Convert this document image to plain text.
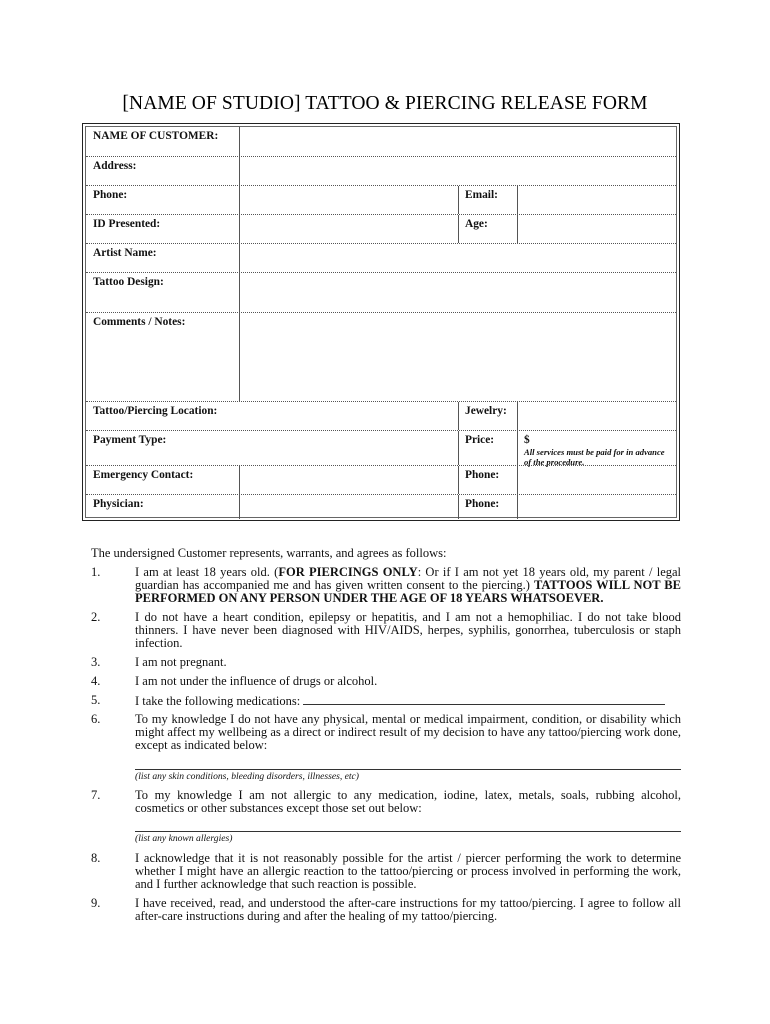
[NAME OF STUDIO] TATTOO & PIERCING RELEASE FORM
NAME OF CUSTOMER:
Address:
Phone:	Email:
ID Presented:	Age:
Artist Name:
Tattoo Design:
Comments / Notes:
Tattoo/Piercing Location:	Jewelry:
Payment Type:	Price:	$
All services must be paid for in advance of the procedure.
Emergency Contact:	Phone:
Physician:	Phone:
The undersigned Customer represents, warrants, and agrees as follows:
1.	I am at least 18 years old. (FOR PIERCINGS ONLY: Or if I am not yet 18 years old, my parent / legal guardian has accompanied me and has given written consent to the piercing.) TATTOOS WILL NOT BE PERFORMED ON ANY PERSON UNDER THE AGE OF 18 YEARS WHATSOEVER.
2.	I do not have a heart condition, epilepsy or hepatitis, and I am not a hemophiliac. I do not take blood thinners. I have never been diagnosed with HIV/AIDS, herpes, syphilis, gonorrhea, tuberculosis or staph infection.
3.	I am not pregnant.
4.	I am not under the influence of drugs or alcohol.
5.	I take the following medications:
6.	To my knowledge I do not have any physical, mental or medical impairment, condition, or disability which might affect my wellbeing as a direct or indirect result of my decision to have any tattoo/piercing work done, except as indicated below:
(list any skin conditions, bleeding disorders, illnesses, etc)
7.	To my knowledge I am not allergic to any medication, iodine, latex, metals, soals, rubbing alcohol, cosmetics or other substances except those set out below:
(list any known allergies)
8.	I acknowledge that it is not reasonably possible for the artist / piercer performing the work to determine whether I might have an allergic reaction to the tattoo/piercing or process involved in performing the work, and I further acknowledge that such reaction is possible.
9.	I have received, read, and understood the after-care instructions for my tattoo/piercing. I agree to follow all after-care instructions during and after the healing of my tattoo/piercing.
